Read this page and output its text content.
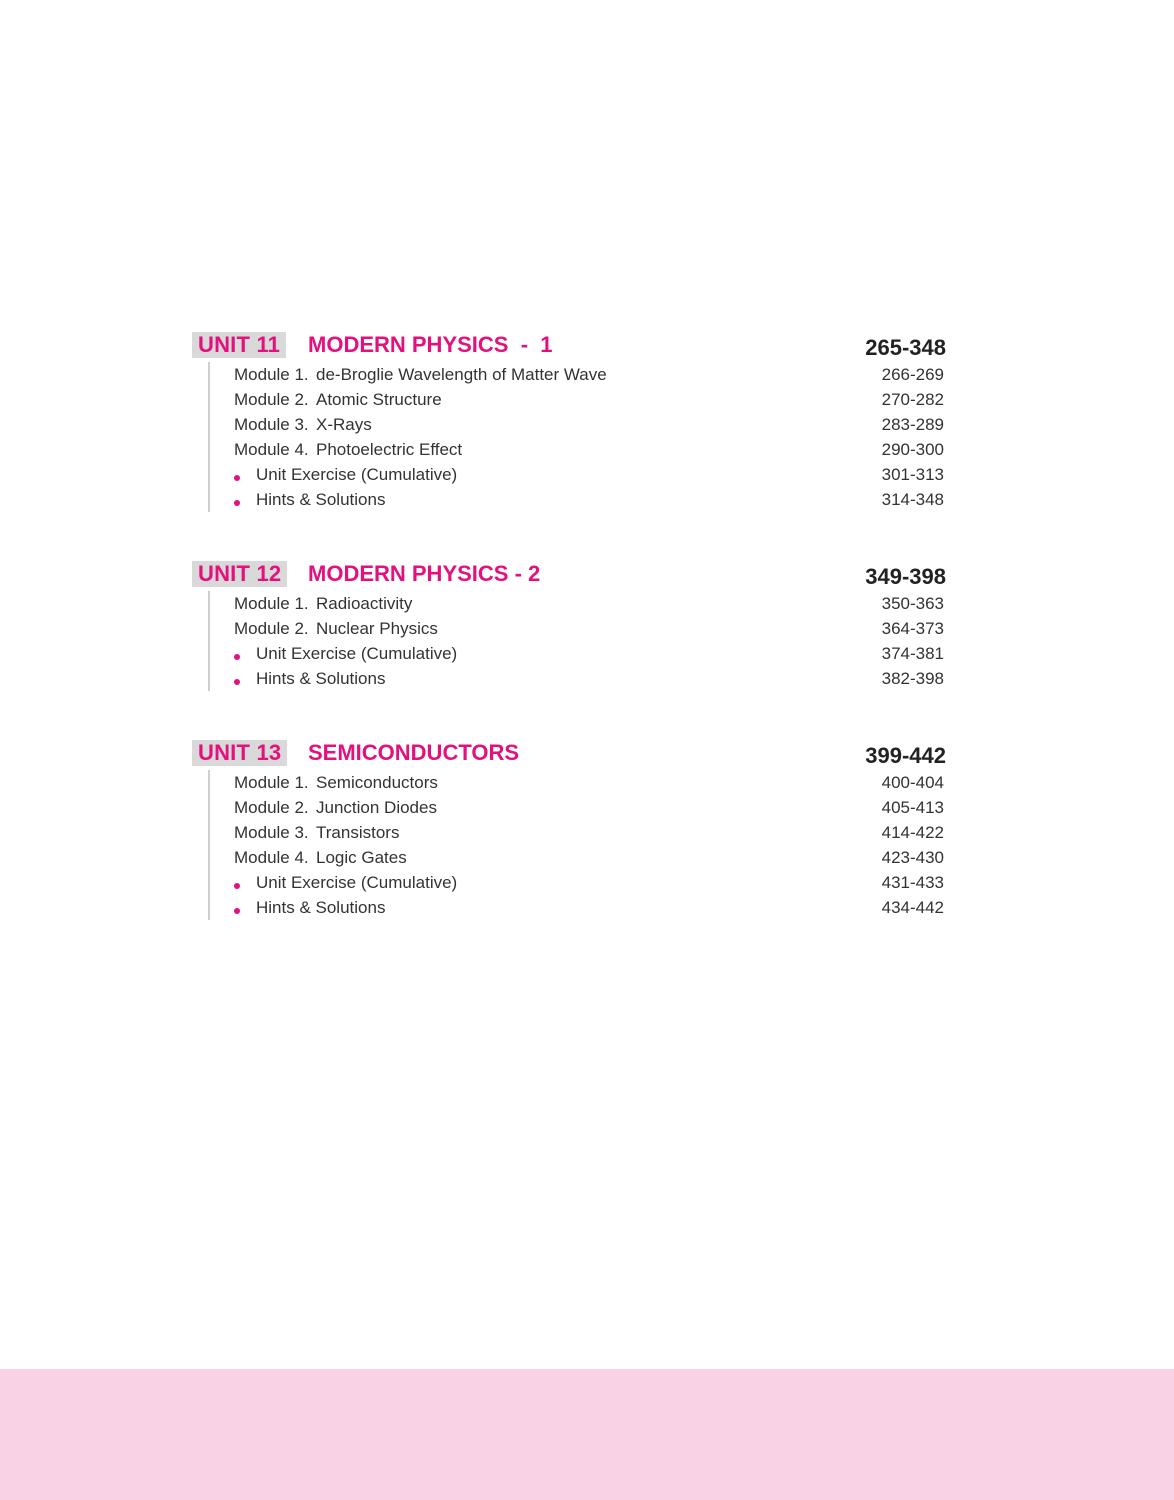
UNIT 11 MODERN PHYSICS  -  1	265-348
Module 1. de-Broglie Wavelength of Matter Wave	266-269
Module 2. Atomic Structure	270-282
Module 3. X-Rays	283-289
Module 4. Photoelectric Effect	290-300
Unit Exercise (Cumulative)	301-313
Hints & Solutions	314-348
UNIT 12 MODERN PHYSICS - 2	349-398
Module 1. Radioactivity	350-363
Module 2. Nuclear Physics	364-373
Unit Exercise (Cumulative)	374-381
Hints & Solutions	382-398
UNIT 13 SEMICONDUCTORS	399-442
Module 1. Semiconductors	400-404
Module 2. Junction Diodes	405-413
Module 3. Transistors	414-422
Module 4. Logic Gates	423-430
Unit Exercise (Cumulative)	431-433
Hints & Solutions	434-442
